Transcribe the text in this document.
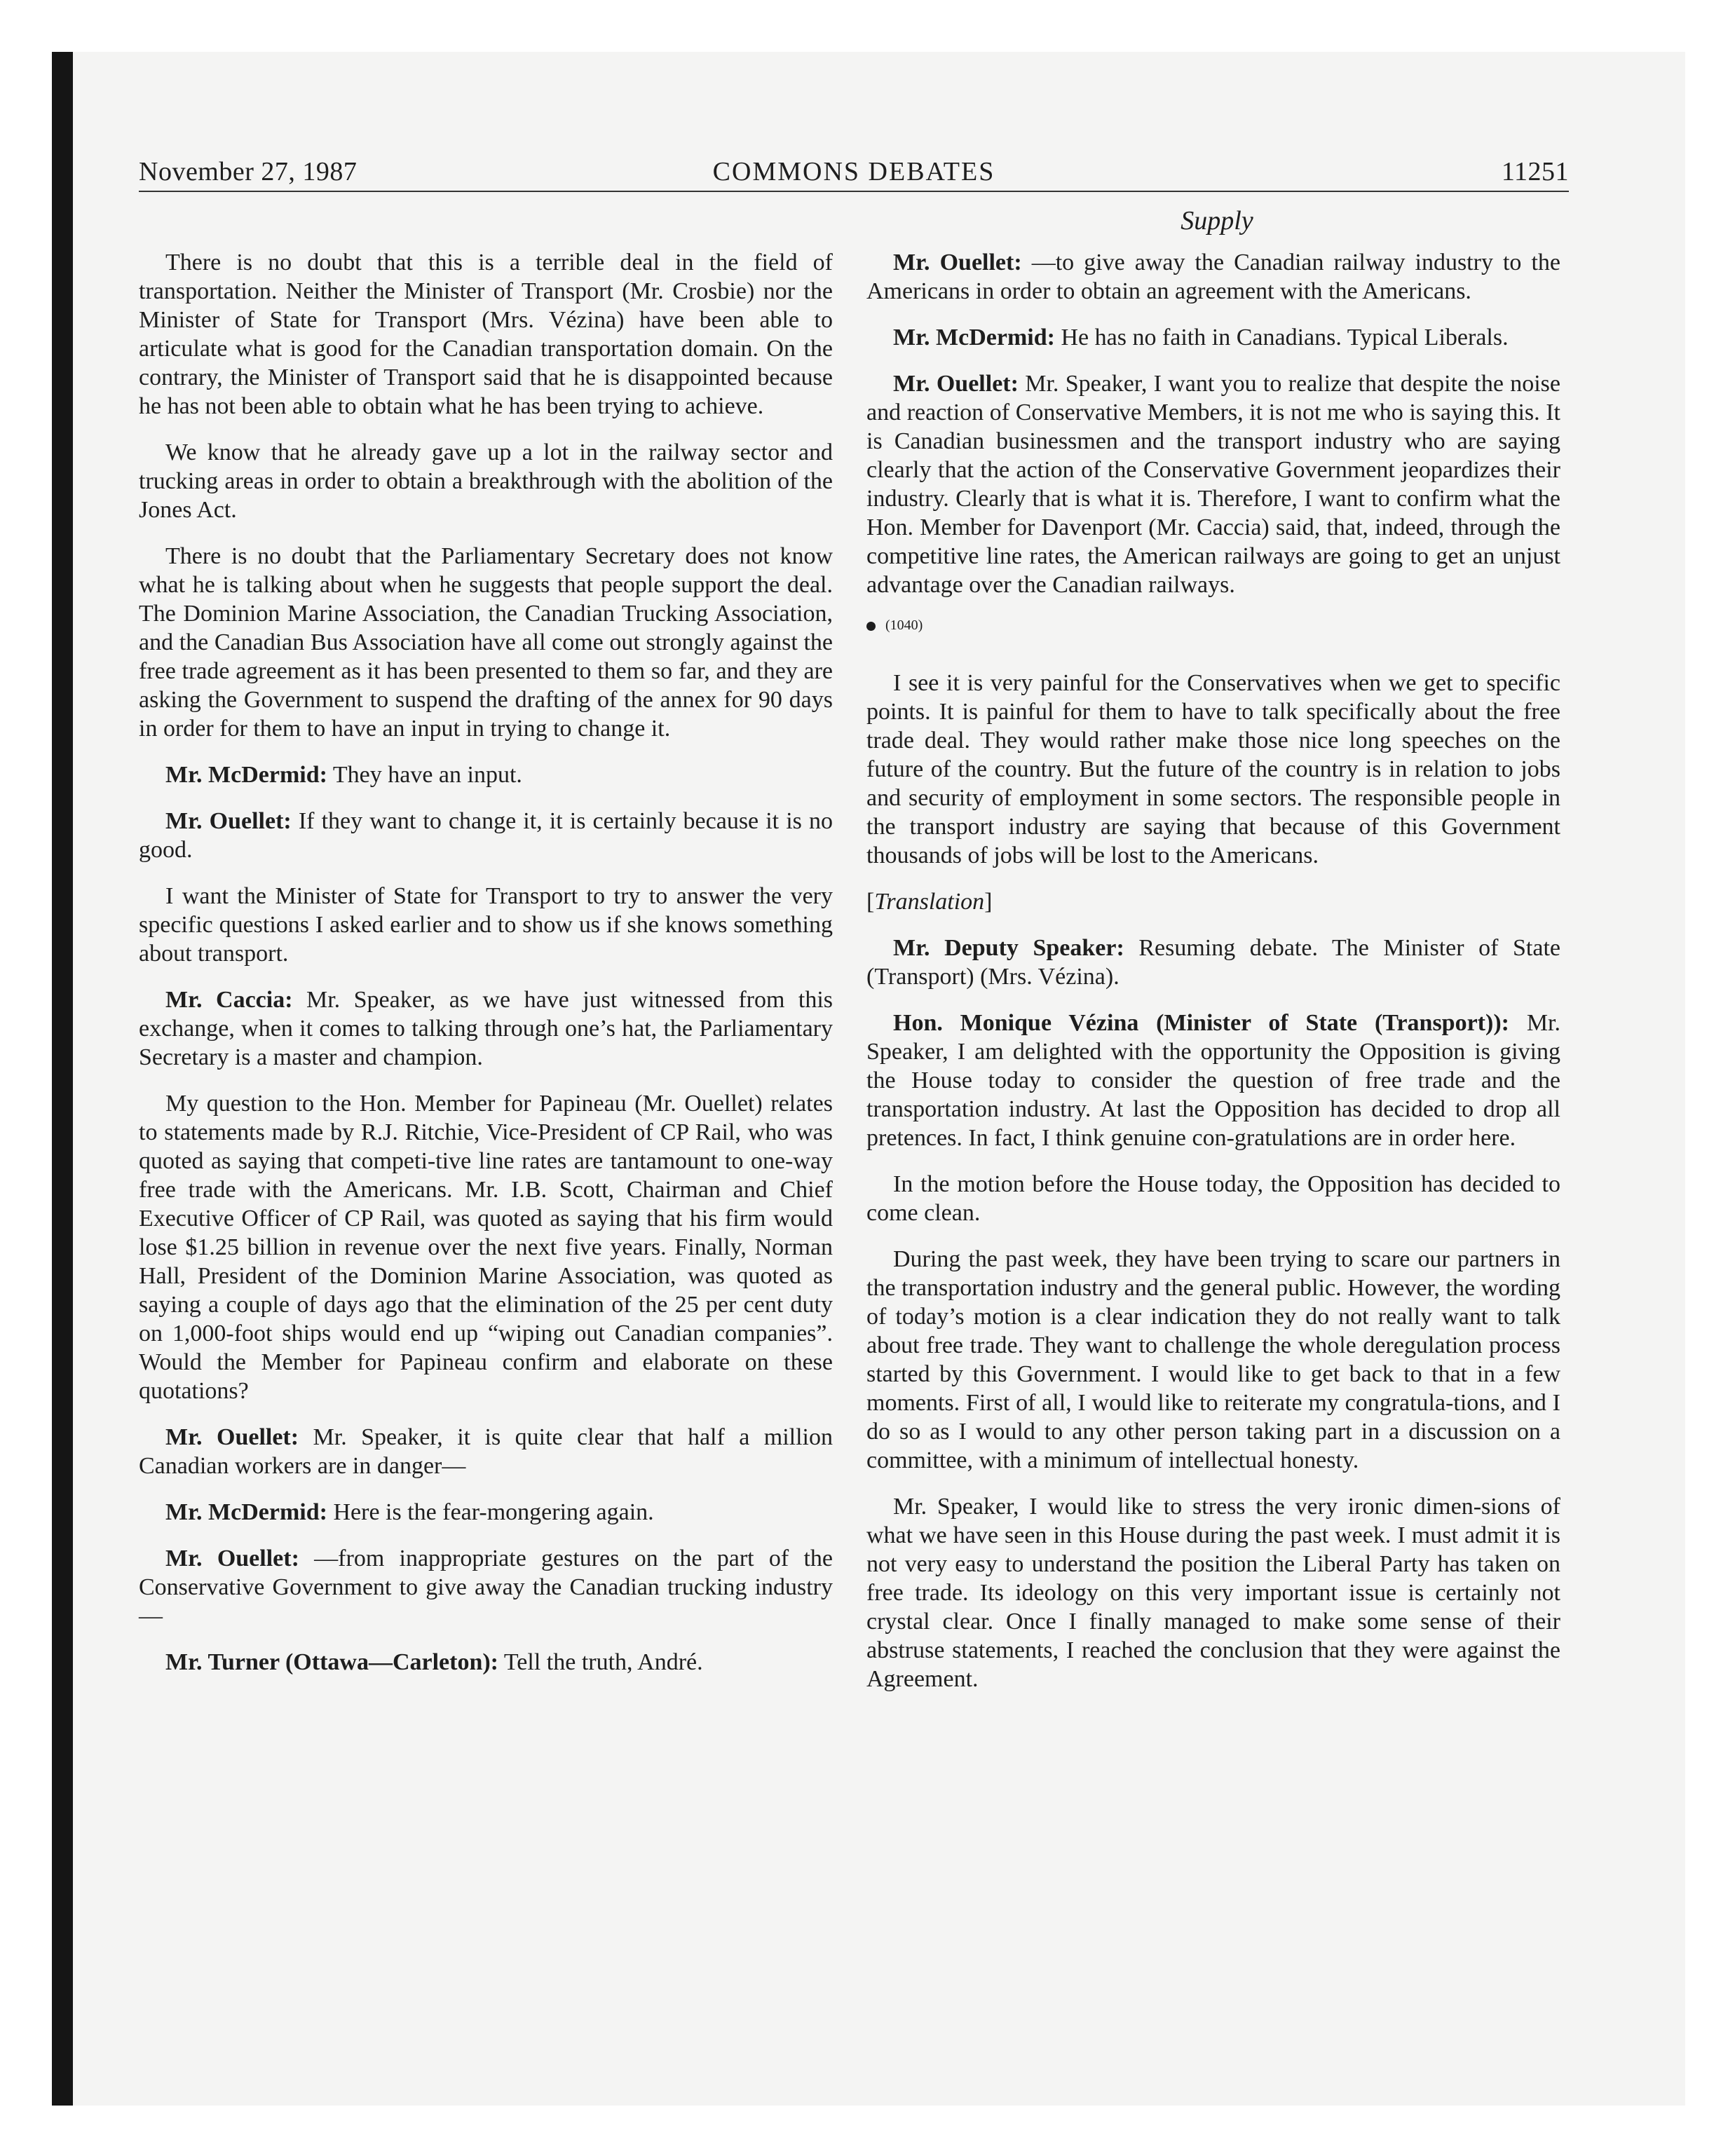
November 27, 1987	COMMONS DEBATES	11251
Supply

There is no doubt that this is a terrible deal in the field of transportation. Neither the Minister of Transport (Mr. Crosbie) nor the Minister of State for Transport (Mrs. Vézina) have been able to articulate what is good for the Canadian transportation domain. On the contrary, the Minister of Transport said that he is disappointed because he has not been able to obtain what he has been trying to achieve.

We know that he already gave up a lot in the railway sector and trucking areas in order to obtain a breakthrough with the abolition of the Jones Act.

There is no doubt that the Parliamentary Secretary does not know what he is talking about when he suggests that people support the deal. The Dominion Marine Association, the Canadian Trucking Association, and the Canadian Bus Association have all come out strongly against the free trade agreement as it has been presented to them so far, and they are asking the Government to suspend the drafting of the annex for 90 days in order for them to have an input in trying to change it.

Mr. McDermid: They have an input.

Mr. Ouellet: If they want to change it, it is certainly because it is no good.

I want the Minister of State for Transport to try to answer the very specific questions I asked earlier and to show us if she knows something about transport.

Mr. Caccia: Mr. Speaker, as we have just witnessed from this exchange, when it comes to talking through one’s hat, the Parliamentary Secretary is a master and champion.

My question to the Hon. Member for Papineau (Mr. Ouellet) relates to statements made by R.J. Ritchie, Vice-President of CP Rail, who was quoted as saying that competi-tive line rates are tantamount to one-way free trade with the Americans. Mr. I.B. Scott, Chairman and Chief Executive Officer of CP Rail, was quoted as saying that his firm would lose $1.25 billion in revenue over the next five years. Finally, Norman Hall, President of the Dominion Marine Association, was quoted as saying a couple of days ago that the elimination of the 25 per cent duty on 1,000-foot ships would end up “wiping out Canadian companies”. Would the Member for Papineau confirm and elaborate on these quotations?

Mr. Ouellet: Mr. Speaker, it is quite clear that half a million Canadian workers are in danger—

Mr. McDermid: Here is the fear-mongering again.

Mr. Ouellet: —from inappropriate gestures on the part of the Conservative Government to give away the Canadian trucking industry—

Mr. Turner (Ottawa—Carleton): Tell the truth, André.

Mr. Ouellet: —to give away the Canadian railway industry to the Americans in order to obtain an agreement with the Americans.

Mr. McDermid: He has no faith in Canadians. Typical Liberals.

Mr. Ouellet: Mr. Speaker, I want you to realize that despite the noise and reaction of Conservative Members, it is not me who is saying this. It is Canadian businessmen and the transport industry who are saying clearly that the action of the Conservative Government jeopardizes their industry. Clearly that is what it is. Therefore, I want to confirm what the Hon. Member for Davenport (Mr. Caccia) said, that, indeed, through the competitive line rates, the American railways are going to get an unjust advantage over the Canadian railways.

(1040)

I see it is very painful for the Conservatives when we get to specific points. It is painful for them to have to talk specifically about the free trade deal. They would rather make those nice long speeches on the future of the country. But the future of the country is in relation to jobs and security of employment in some sectors. The responsible people in the transport industry are saying that because of this Government thousands of jobs will be lost to the Americans.

[Translation]

Mr. Deputy Speaker: Resuming debate. The Minister of State (Transport) (Mrs. Vézina).

Hon. Monique Vézina (Minister of State (Transport)): Mr. Speaker, I am delighted with the opportunity the Opposition is giving the House today to consider the question of free trade and the transportation industry. At last the Opposition has decided to drop all pretences. In fact, I think genuine con-gratulations are in order here.

In the motion before the House today, the Opposition has decided to come clean.

During the past week, they have been trying to scare our partners in the transportation industry and the general public. However, the wording of today’s motion is a clear indication they do not really want to talk about free trade. They want to challenge the whole deregulation process started by this Government. I would like to get back to that in a few moments. First of all, I would like to reiterate my congratula-tions, and I do so as I would to any other person taking part in a discussion on a committee, with a minimum of intellectual honesty.

Mr. Speaker, I would like to stress the very ironic dimen-sions of what we have seen in this House during the past week. I must admit it is not very easy to understand the position the Liberal Party has taken on free trade. Its ideology on this very important issue is certainly not crystal clear. Once I finally managed to make some sense of their abstruse statements, I reached the conclusion that they were against the Agreement.
